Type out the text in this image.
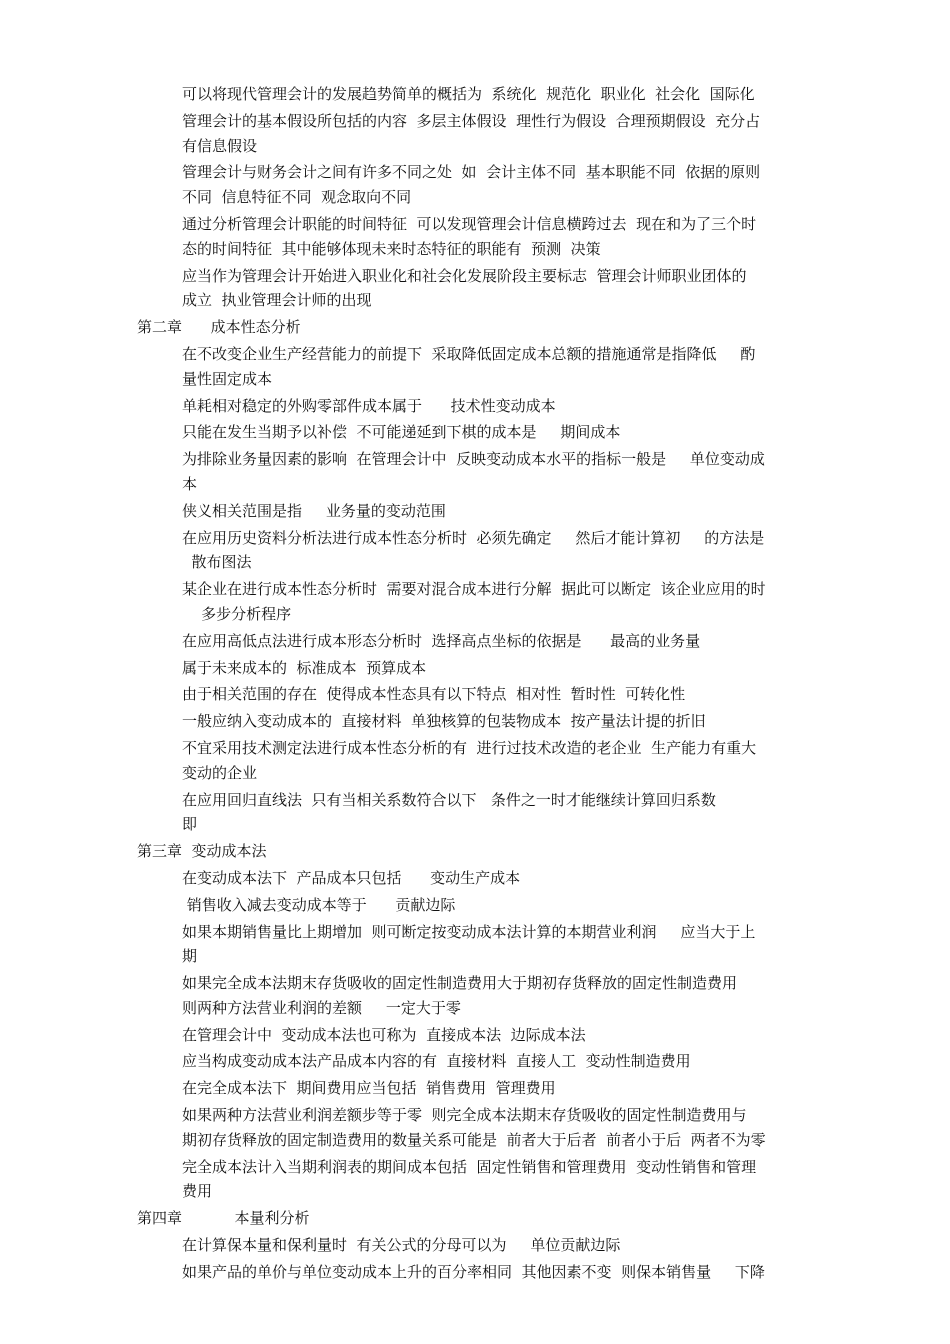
可以将现代管理会计的发展趋势简单的概括为  系统化  规范化  职业化  社会化  国际化
管理会计的基本假设所包括的内容  多层主体假设  理性行为假设  合理预期假设  充分占
有信息假设
管理会计与财务会计之间有许多不同之处  如  会计主体不同  基本职能不同  依据的原则
不同  信息特征不同  观念取向不同
通过分析管理会计职能的时间特征  可以发现管理会计信息横跨过去  现在和为了三个时
态的时间特征  其中能够体现未来时态特征的职能有  预测  决策
应当作为管理会计开始进入职业化和社会化发展阶段主要标志  管理会计师职业团体的
成立  执业管理会计师的出现
第二章      成本性态分析
在不改变企业生产经营能力的前提下  采取降低固定成本总额的措施通常是指降低     酌
量性固定成本
单耗相对稳定的外购零部件成本属于      技术性变动成本
只能在发生当期予以补偿  不可能递延到下棋的成本是     期间成本
为排除业务量因素的影响  在管理会计中  反映变动成本水平的指标一般是     单位变动成
本
侠义相关范围是指     业务量的变动范围
在应用历史资料分析法进行成本性态分析时  必须先确定     然后才能计算初     的方法是
散布图法
某企业在进行成本性态分析时  需要对混合成本进行分解  据此可以断定  该企业应用的时
多步分析程序
在应用高低点法进行成本形态分析时  选择高点坐标的依据是      最高的业务量
属于未来成本的  标准成本  预算成本
由于相关范围的存在  使得成本性态具有以下特点  相对性  暂时性  可转化性
一般应纳入变动成本的  直接材料  单独核算的包装物成本  按产量法计提的折旧
不宜采用技术测定法进行成本性态分析的有  进行过技术改造的老企业  生产能力有重大
变动的企业
在应用回归直线法  只有当相关系数符合以下   条件之一时才能继续计算回归系数
即
第三章  变动成本法
在变动成本法下  产品成本只包括      变动生产成本
销售收入减去变动成本等于      贡献边际
如果本期销售量比上期增加  则可断定按变动成本法计算的本期营业利润     应当大于上
期
如果完全成本法期末存货吸收的固定性制造费用大于期初存货释放的固定性制造费用
则两种方法营业利润的差额     一定大于零
在管理会计中  变动成本法也可称为  直接成本法  边际成本法
应当构成变动成本法产品成本内容的有  直接材料  直接人工  变动性制造费用
在完全成本法下  期间费用应当包括  销售费用  管理费用
如果两种方法营业利润差额步等于零  则完全成本法期末存货吸收的固定性制造费用与
期初存货释放的固定制造费用的数量关系可能是  前者大于后者  前者小于后  两者不为零
完全成本法计入当期利润表的期间成本包括  固定性销售和管理费用  变动性销售和管理
费用
第四章           本量利分析
在计算保本量和保利量时  有关公式的分母可以为     单位贡献边际
如果产品的单价与单位变动成本上升的百分率相同  其他因素不变  则保本销售量     下降
